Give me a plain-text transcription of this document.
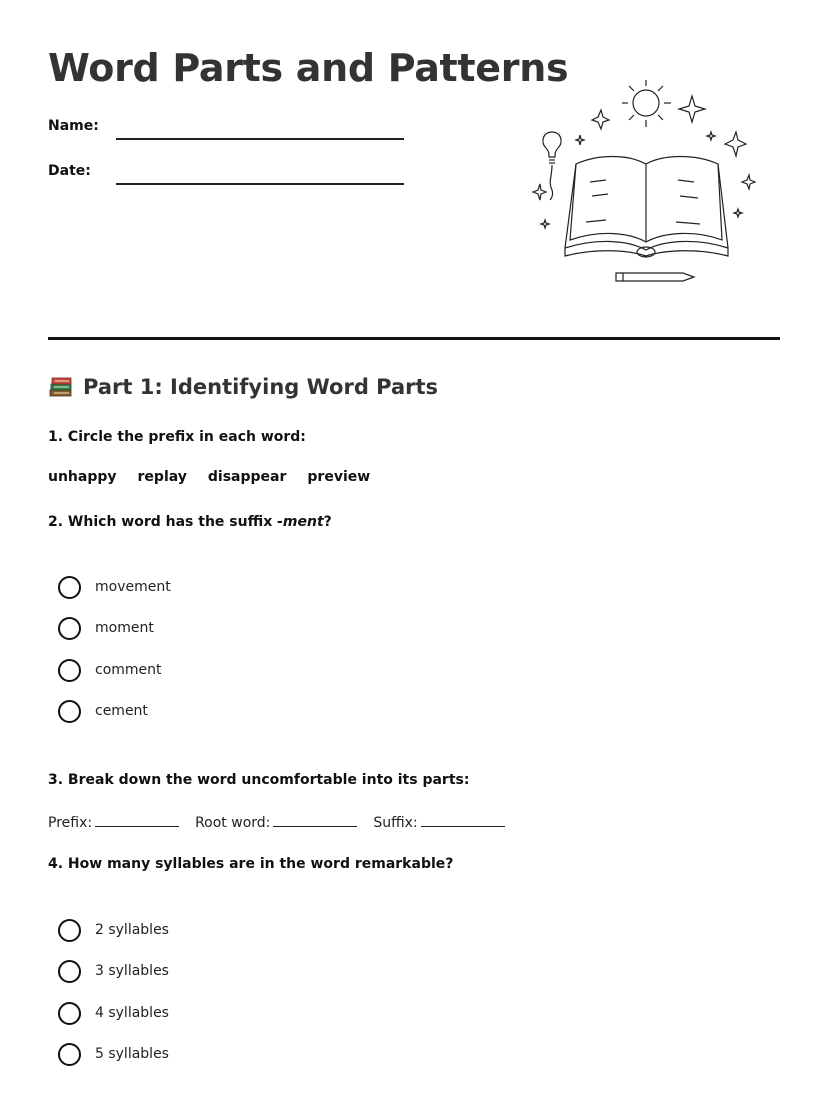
Word Parts and Patterns
Name:
Date:
Part 1: Identifying Word Parts
1. Circle the prefix in each word:
unhappy replay disappear preview
2. Which word has the suffix -ment?
movement
moment
comment
cement
3. Break down the word uncomfortable into its parts:
Prefix:	Root word:	Suffix:
4. How many syllables are in the word remarkable?
2 syllables
3 syllables
4 syllables
5 syllables
